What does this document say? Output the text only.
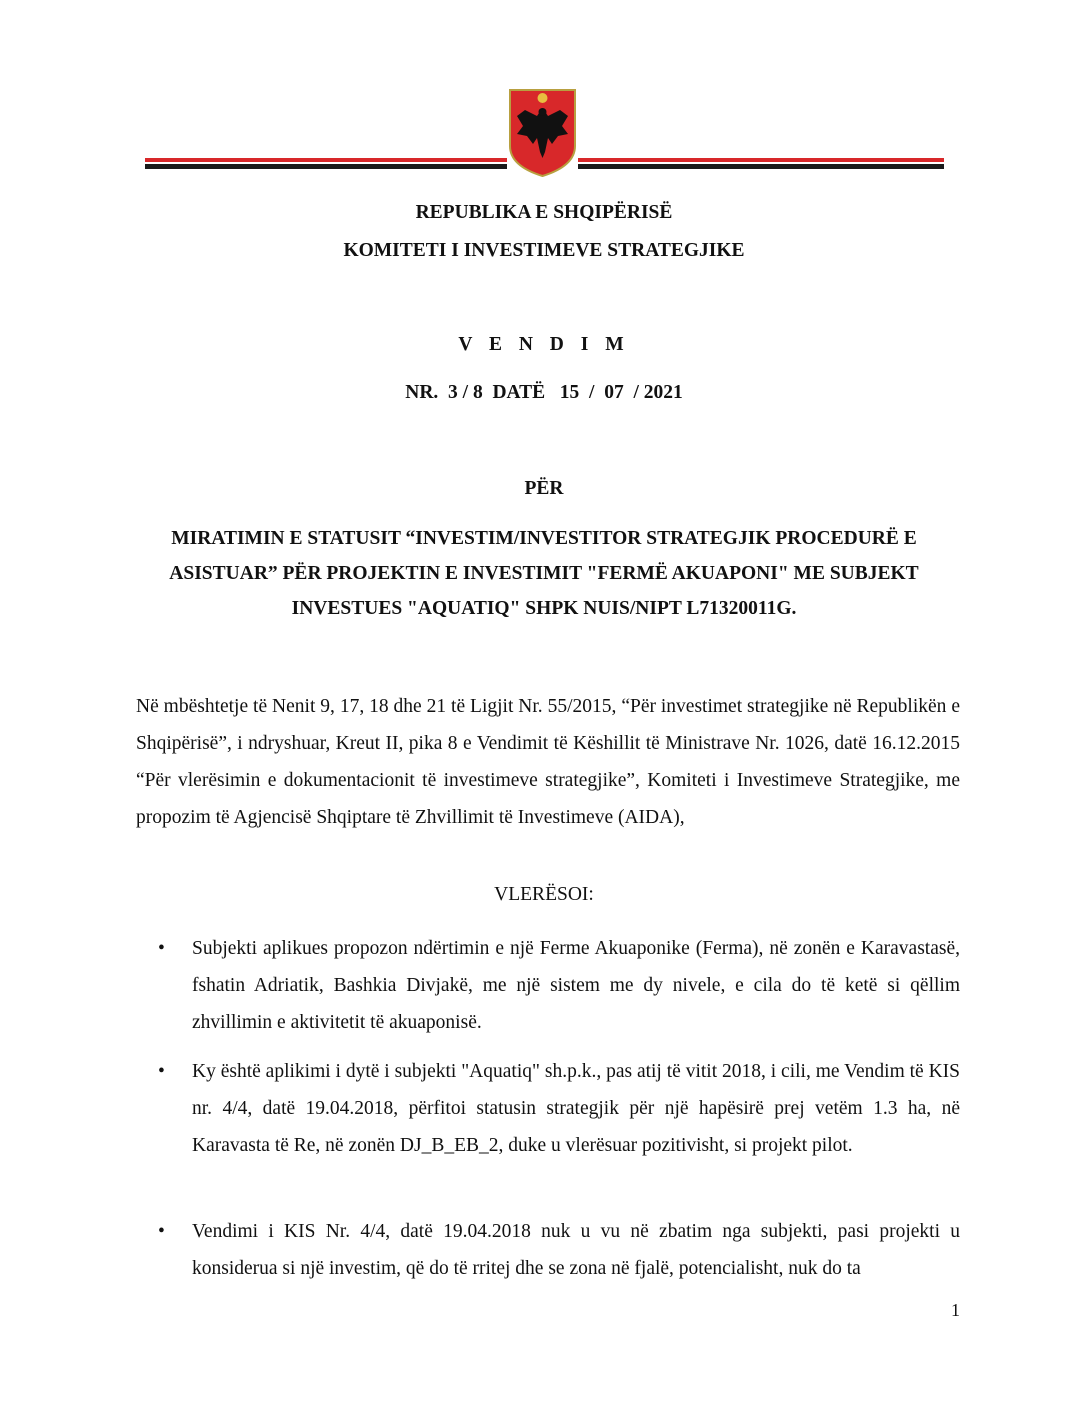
REPUBLIKA E SHQIPËRISË
KOMITETI I INVESTIMEVE STRATEGJIKE
V E N D I M
NR.  3 / 8  DATË   15  /  07  / 2021
PËR
MIRATIMIN E STATUSIT “INVESTIM/INVESTITOR STRATEGJIK PROCEDURË E ASISTUAR” PËR PROJEKTIN E INVESTIMIT "FERMË AKUAPONI" ME SUBJEKT INVESTUES "AQUATIQ" SHPK NUIS/NIPT L71320011G.
Në mbështetje të Nenit 9, 17, 18 dhe 21 të Ligjit Nr. 55/2015, “Për investimet strategjike në Republikën e Shqipërisë”, i ndryshuar, Kreut II, pika 8 e Vendimit të Këshillit të Ministrave Nr. 1026, datë 16.12.2015 “Për vlerësimin e dokumentacionit të investimeve strategjike”, Komiteti i Investimeve Strategjike, me propozim të Agjencisë Shqiptare të Zhvillimit të Investimeve (AIDA),
VLERËSOI:
• Subjekti aplikues propozon ndërtimin e një Ferme Akuaponike (Ferma), në zonën e Karavastasë, fshatin Adriatik, Bashkia Divjakë, me një sistem me dy nivele, e cila do të ketë si qëllim zhvillimin e aktivitetit të akuaponisë.
• Ky është aplikimi i dytë i subjekti "Aquatiq" sh.p.k., pas atij të vitit 2018, i cili, me Vendim të KIS nr. 4/4, datë 19.04.2018, përfitoi statusin strategjik për një hapësirë prej vetëm 1.3 ha, në Karavasta të Re, në zonën DJ_B_EB_2, duke u vlerësuar pozitivisht, si projekt pilot.
• Vendimi i KIS Nr. 4/4, datë 19.04.2018 nuk u vu në zbatim nga subjekti, pasi projekti u konsiderua si një investim, që do të rritej dhe se zona në fjalë, potencialisht, nuk do ta
1
